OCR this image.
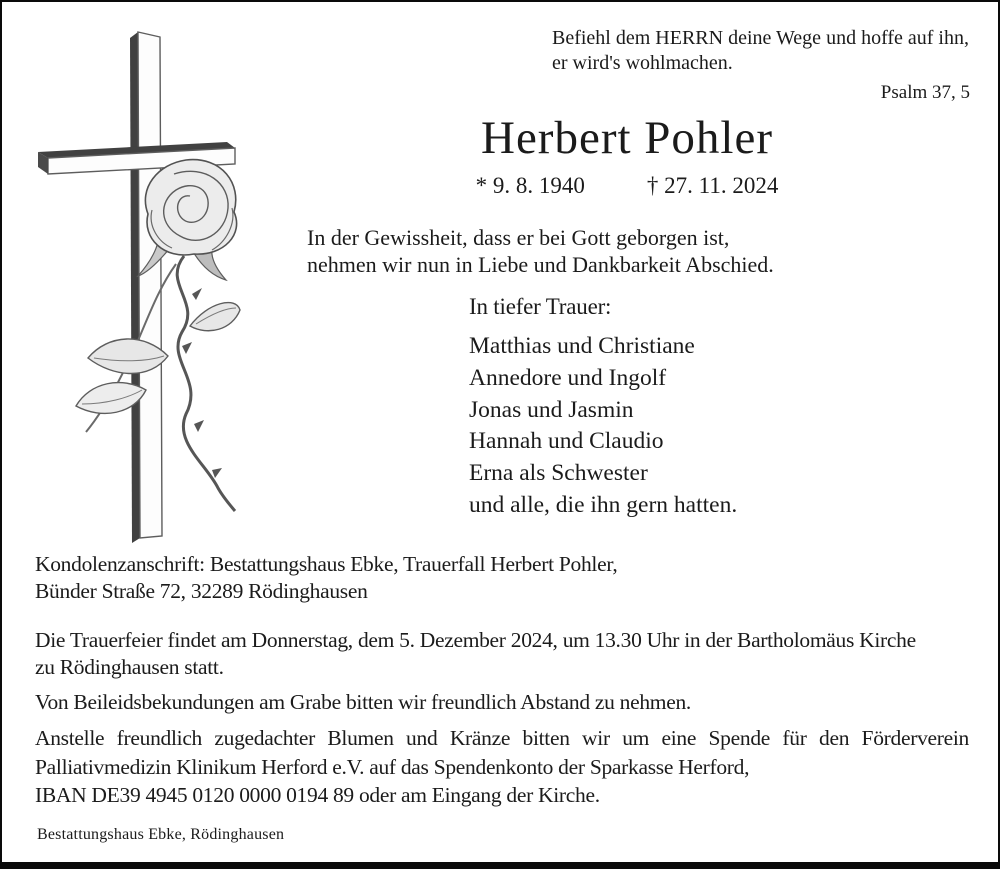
Befiehl dem HERRN deine Wege und hoffe auf ihn,
er wird's wohlmachen.
Psalm 37, 5
Herbert Pohler
* 9. 8. 1940	† 27. 11. 2024
In der Gewissheit, dass er bei Gott geborgen ist,
nehmen wir nun in Liebe und Dankbarkeit Abschied.
In tiefer Trauer:
Matthias und Christiane
Annedore und Ingolf
Jonas und Jasmin
Hannah und Claudio
Erna als Schwester
und alle, die ihn gern hatten.
Kondolenzanschrift: Bestattungshaus Ebke, Trauerfall Herbert Pohler,
Bünder Straße 72, 32289 Rödinghausen
Die Trauerfeier findet am Donnerstag, dem 5. Dezember 2024, um 13.30 Uhr in der Bartholomäus Kirche
zu Rödinghausen statt.
Von Beileidsbekundungen am Grabe bitten wir freundlich Abstand zu nehmen.
Anstelle freundlich zugedachter Blumen und Kränze bitten wir um eine Spende für den Förderverein
Palliativmedizin Klinikum Herford e.V. auf das Spendenkonto der Sparkasse Herford,
IBAN DE39 4945 0120 0000 0194 89 oder am Eingang der Kirche.
Bestattungshaus Ebke, Rödinghausen
